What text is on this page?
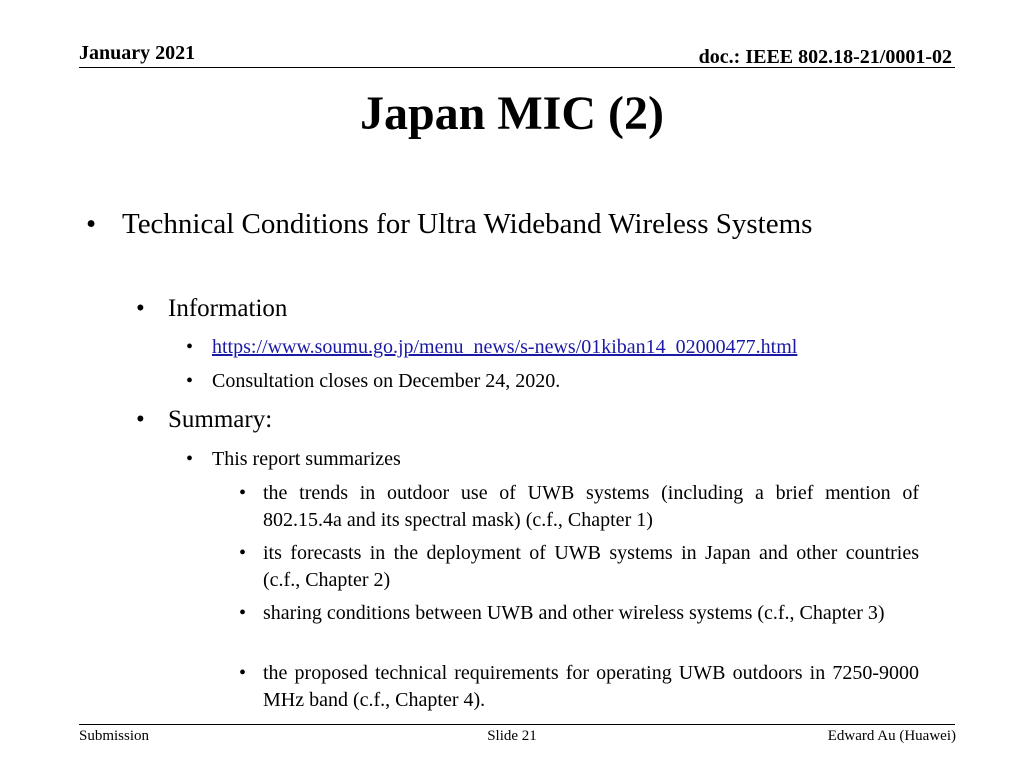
January 2021	doc.: IEEE 802.18-21/0001-02
Japan MIC (2)
• Technical Conditions for Ultra Wideband Wireless Systems
• Information
• https://www.soumu.go.jp/menu_news/s-news/01kiban14_02000477.html
• Consultation closes on December 24, 2020.
• Summary:
• This report summarizes
• the trends in outdoor use of UWB systems (including a brief mention of 802.15.4a and its spectral mask) (c.f., Chapter 1)
• its forecasts in the deployment of UWB systems in Japan and other countries (c.f., Chapter 2)
• sharing conditions between UWB and other wireless systems (c.f., Chapter 3)
• the proposed technical requirements for operating UWB outdoors in 7250-9000 MHz band (c.f., Chapter 4).
Submission	Slide 21	Edward Au (Huawei)
